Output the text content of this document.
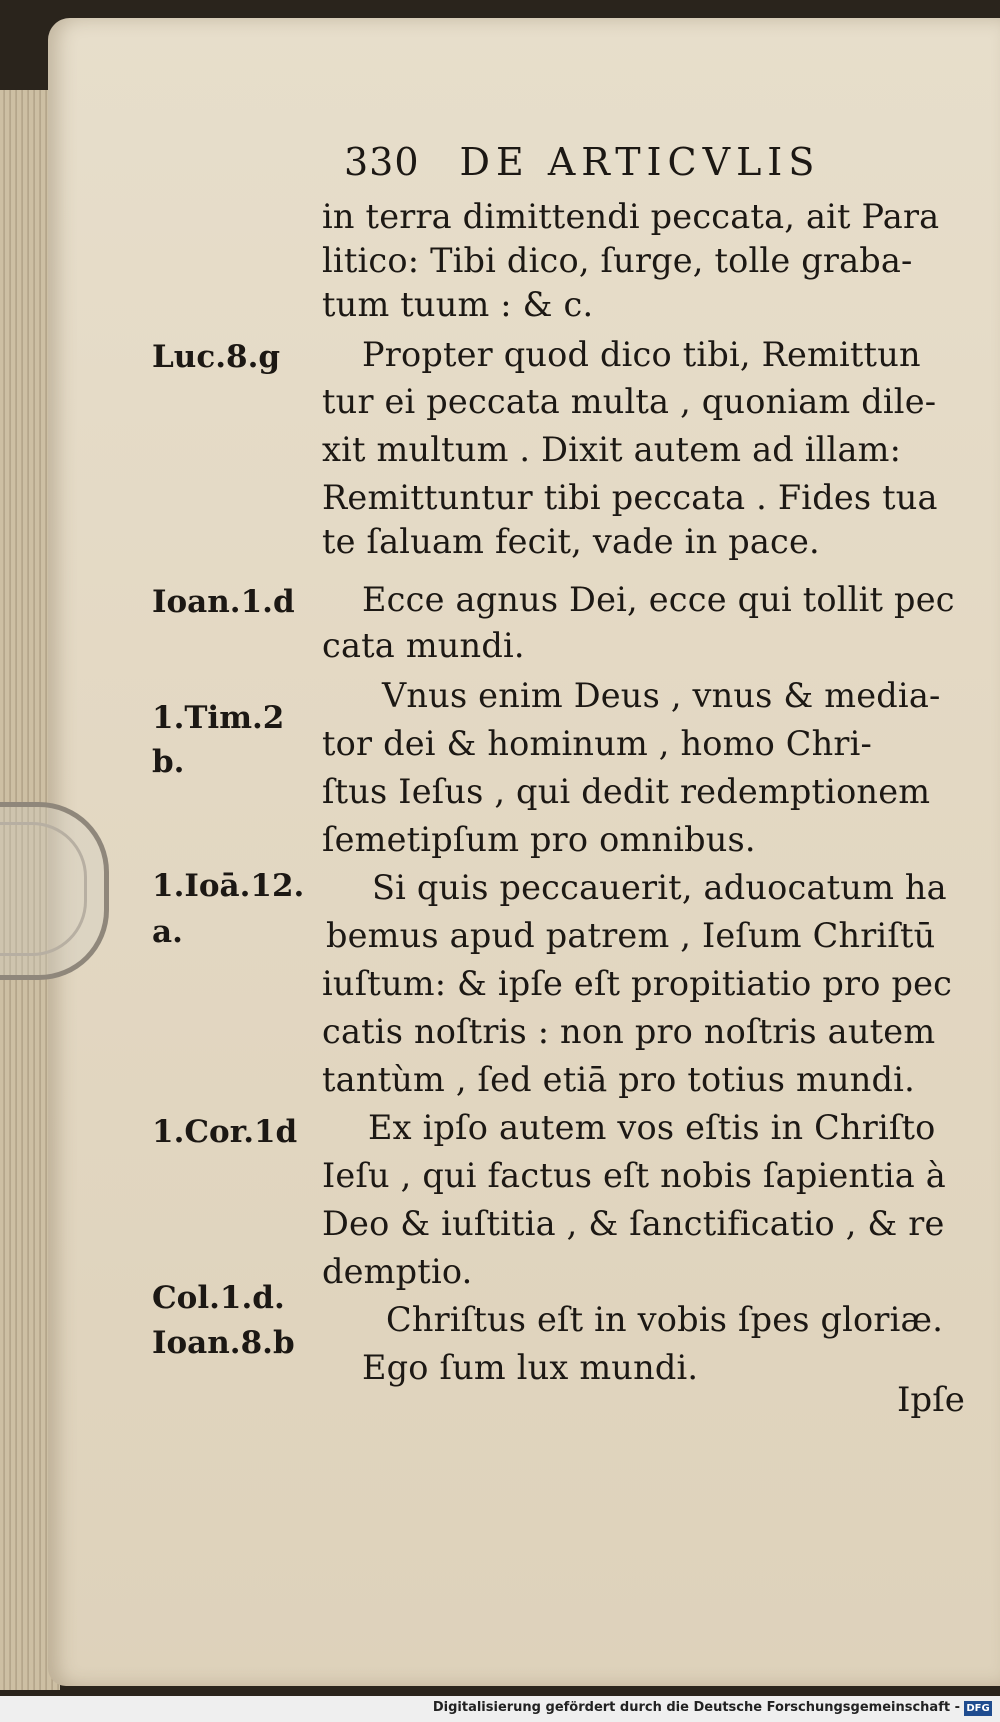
330 DE ARTICVLIS
in terra dimittendi peccata, ait Para
litico: Tibi dico, ſurge, tolle graba-
tum tuum : & c.
Propter quod dico tibi, Remittun
tur ei peccata multa , quoniam dile-
xit multum . Dixit autem ad illam:
Remittuntur tibi peccata . Fides tua
te ſaluam fecit, vade in pace.
Ecce agnus Dei, ecce qui tollit pec
cata mundi.
Vnus enim Deus , vnus & media-
tor dei & hominum , homo Chri-
ſtus Ieſus , qui dedit redemptionem
ſemetipſum pro omnibus.
Si quis peccauerit, aduocatum ha
bemus apud patrem , Ieſum Chriſtū
iuſtum: & ipſe eſt propitiatio pro pec
catis noſtris : non pro noſtris autem
tantùm , ſed etiā pro totius mundi.
Ex ipſo autem vos eſtis in Chriſto
Ieſu , qui factus eſt nobis ſapientia à
Deo & iuſtitia , & ſanctificatio , & re
demptio.
Chriſtus eſt in vobis ſpes gloriæ.
Ego ſum lux mundi.
Luc.8.g
Ioan.1.d
1.Tim.2
b.
1.Ioā.12.
a.
1.Cor.1d
Col.1.d.
Ioan.8.b
Ipſe
Digitalisierung gefördert durch die Deutsche Forschungsgemeinschaft - DFG
